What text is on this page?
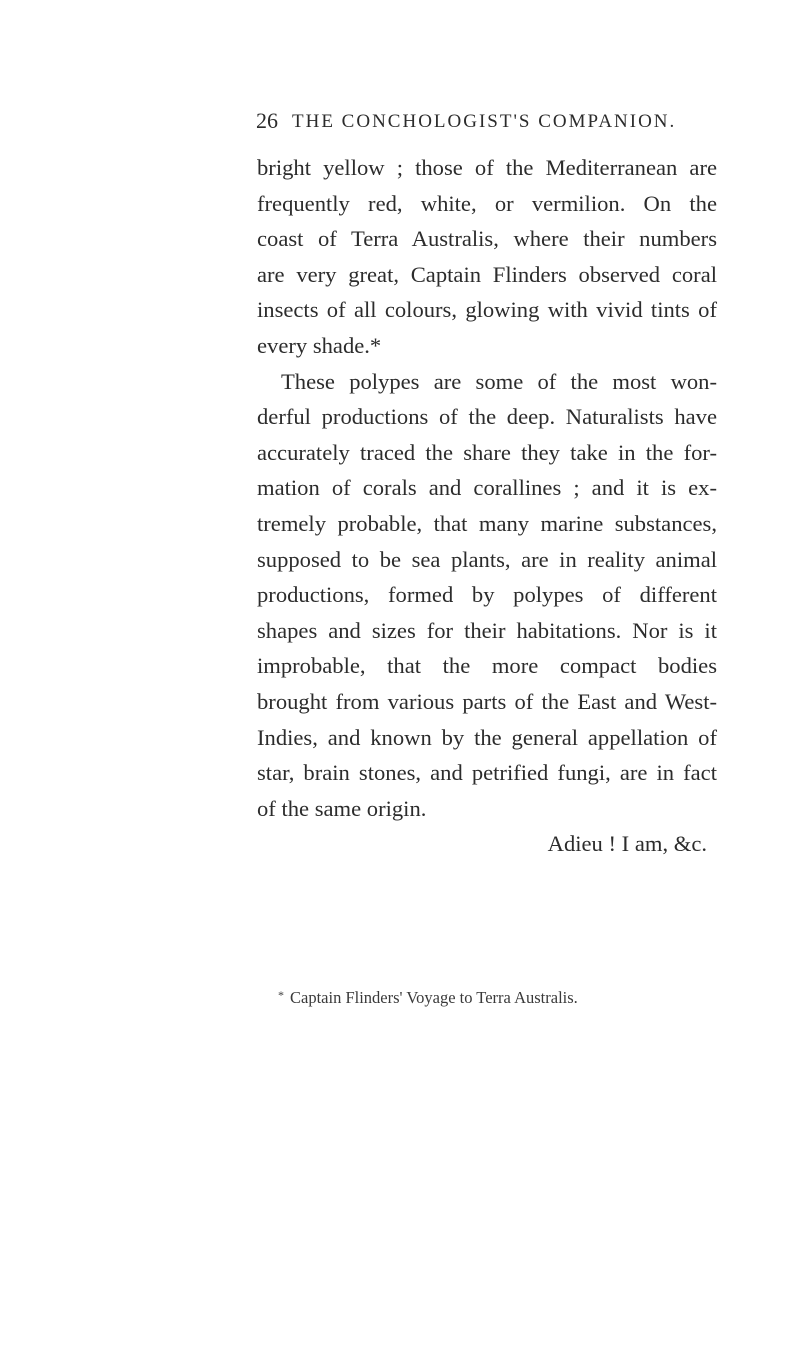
26 THE CONCHOLOGIST'S COMPANION.
bright yellow ; those of the Mediterranean are
frequently red, white, or vermilion. On the
coast of Terra Australis, where their numbers
are very great, Captain Flinders observed coral
insects of all colours, glowing with vivid tints of
every shade.*
These polypes are some of the most won-
derful productions of the deep. Naturalists have
accurately traced the share they take in the for-
mation of corals and corallines ; and it is ex-
tremely probable, that many marine substances,
supposed to be sea plants, are in reality animal
productions, formed by polypes of different
shapes and sizes for their habitations. Nor is it
improbable, that the more compact bodies
brought from various parts of the East and West-
Indies, and known by the general appellation of
star, brain stones, and petrified fungi, are in fact
of the same origin.
Adieu ! I am, &c.
* Captain Flinders' Voyage to Terra Australis.
